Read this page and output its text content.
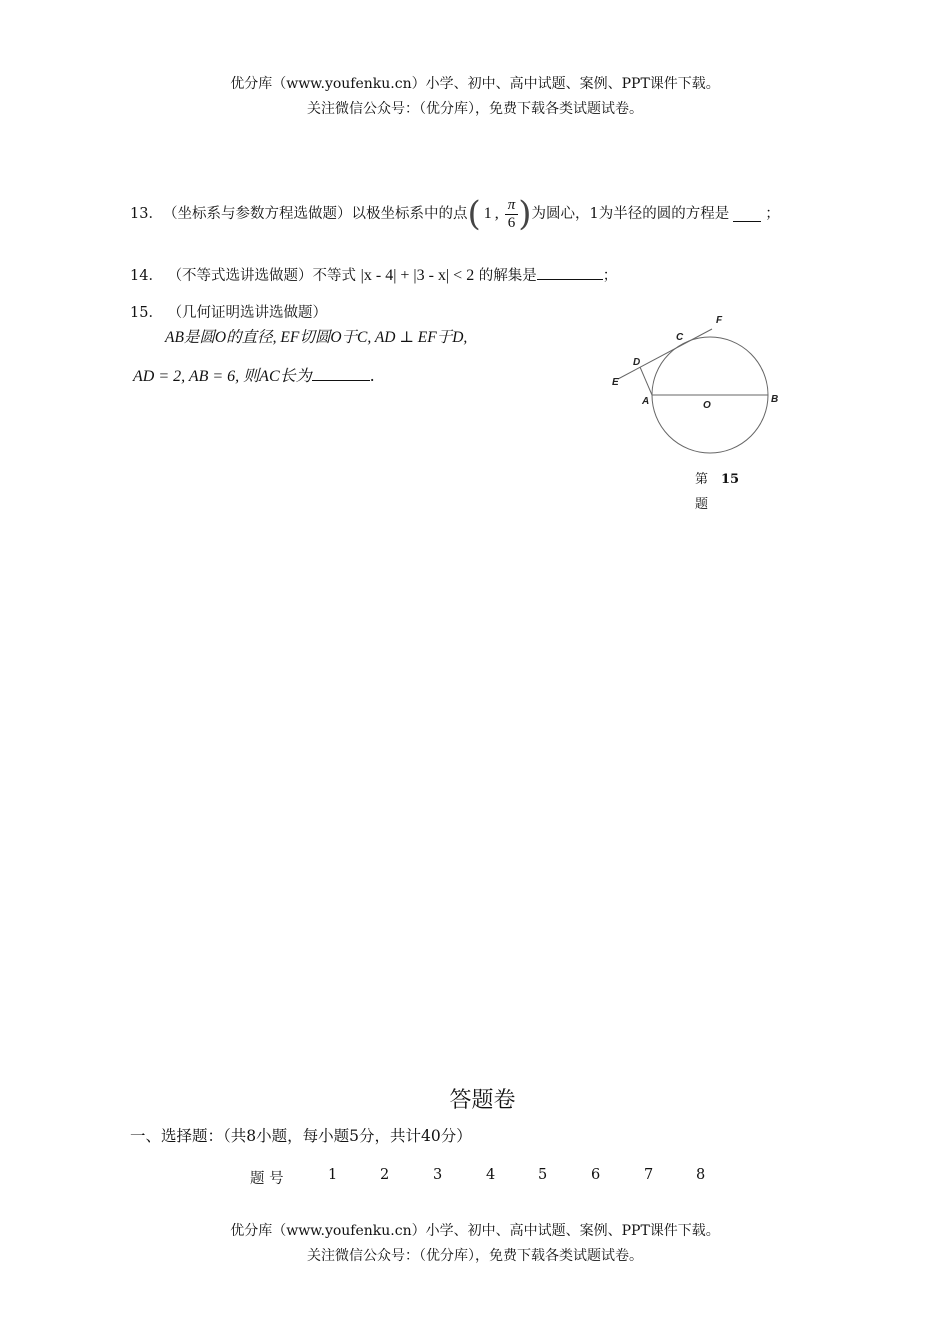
优分库（www.youfenku.cn）小学、初中、高中试题、案例、PPT课件下载。
关注微信公众号：（优分库），免费下载各类试题试卷。
13． （坐标系与参数方程选做题）以极坐标系中的点 ( 1 , $\frac{\pi}{6}$ ) 为圆心，1为半径的圆的方程是 ；
14． （不等式选讲选做题）不等式 |x - 4| + |3 - x| < 2 的解集是	；
15． （几何证明选讲选做题）
AB是圆O的直径, EF切圆O于C, AD ⊥ EF于D,
AD = 2, AB = 6, 则AC长为	.
F
C
D
E
A	O
B
第 15
题
答题卷
一、选择题：（共8小题，每小题5分，共计40分）
题 号	1	2	3	4	5	6	7	8
优分库（www.youfenku.cn）小学、初中、高中试题、案例、PPT课件下载。
关注微信公众号：（优分库），免费下载各类试题试卷。
